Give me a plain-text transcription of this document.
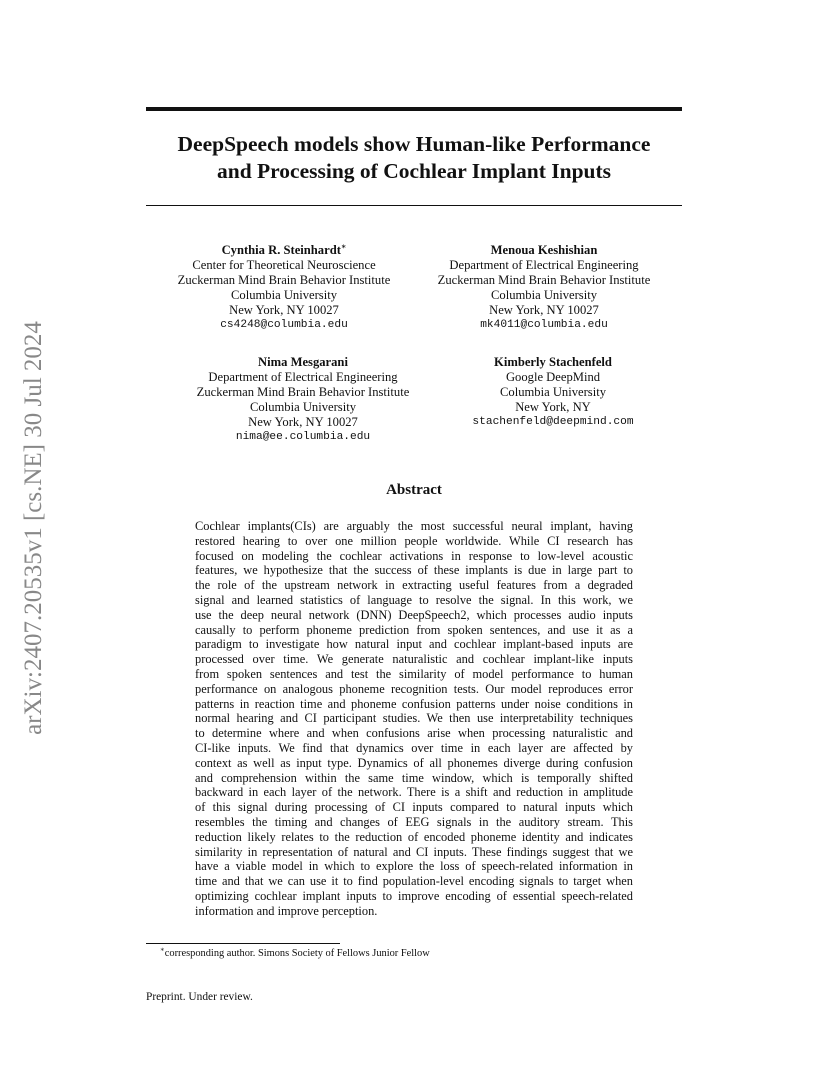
arXiv:2407.20535v1 [cs.NE] 30 Jul 2024
DeepSpeech models show Human-like Performance
and Processing of Cochlear Implant Inputs
Cynthia R. Steinhardt∗
Center for Theoretical Neuroscience
Zuckerman Mind Brain Behavior Institute
Columbia University
New York, NY 10027
cs4248@columbia.edu
Menoua Keshishian
Department of Electrical Engineering
Zuckerman Mind Brain Behavior Institute
Columbia University
New York, NY 10027
mk4011@columbia.edu
Nima Mesgarani
Department of Electrical Engineering
Zuckerman Mind Brain Behavior Institute
Columbia University
New York, NY 10027
nima@ee.columbia.edu
Kimberly Stachenfeld
Google DeepMind
Columbia University
New York, NY
stachenfeld@deepmind.com
Abstract
Cochlear implants(CIs) are arguably the most successful neural implant, having
restored hearing to over one million people worldwide. While CI research has
focused on modeling the cochlear activations in response to low-level acoustic
features, we hypothesize that the success of these implants is due in large part to
the role of the upstream network in extracting useful features from a degraded
signal and learned statistics of language to resolve the signal. In this work, we
use the deep neural network (DNN) DeepSpeech2, which processes audio inputs
causally to perform phoneme prediction from spoken sentences, and use it as a
paradigm to investigate how natural input and cochlear implant-based inputs are
processed over time. We generate naturalistic and cochlear implant-like inputs
from spoken sentences and test the similarity of model performance to human
performance on analogous phoneme recognition tests. Our model reproduces error
patterns in reaction time and phoneme confusion patterns under noise conditions in
normal hearing and CI participant studies. We then use interpretability techniques
to determine where and when confusions arise when processing naturalistic and
CI-like inputs. We find that dynamics over time in each layer are affected by
context as well as input type. Dynamics of all phonemes diverge during confusion
and comprehension within the same time window, which is temporally shifted
backward in each layer of the network. There is a shift and reduction in amplitude
of this signal during processing of CI inputs compared to natural inputs which
resembles the timing and changes of EEG signals in the auditory stream. This
reduction likely relates to the reduction of encoded phoneme identity and indicates
similarity in representation of natural and CI inputs. These findings suggest that we
have a viable model in which to explore the loss of speech-related information in
time and that we can use it to find population-level encoding signals to target when
optimizing cochlear implant inputs to improve encoding of essential speech-related
information and improve perception.
∗corresponding author. Simons Society of Fellows Junior Fellow
Preprint. Under review.
